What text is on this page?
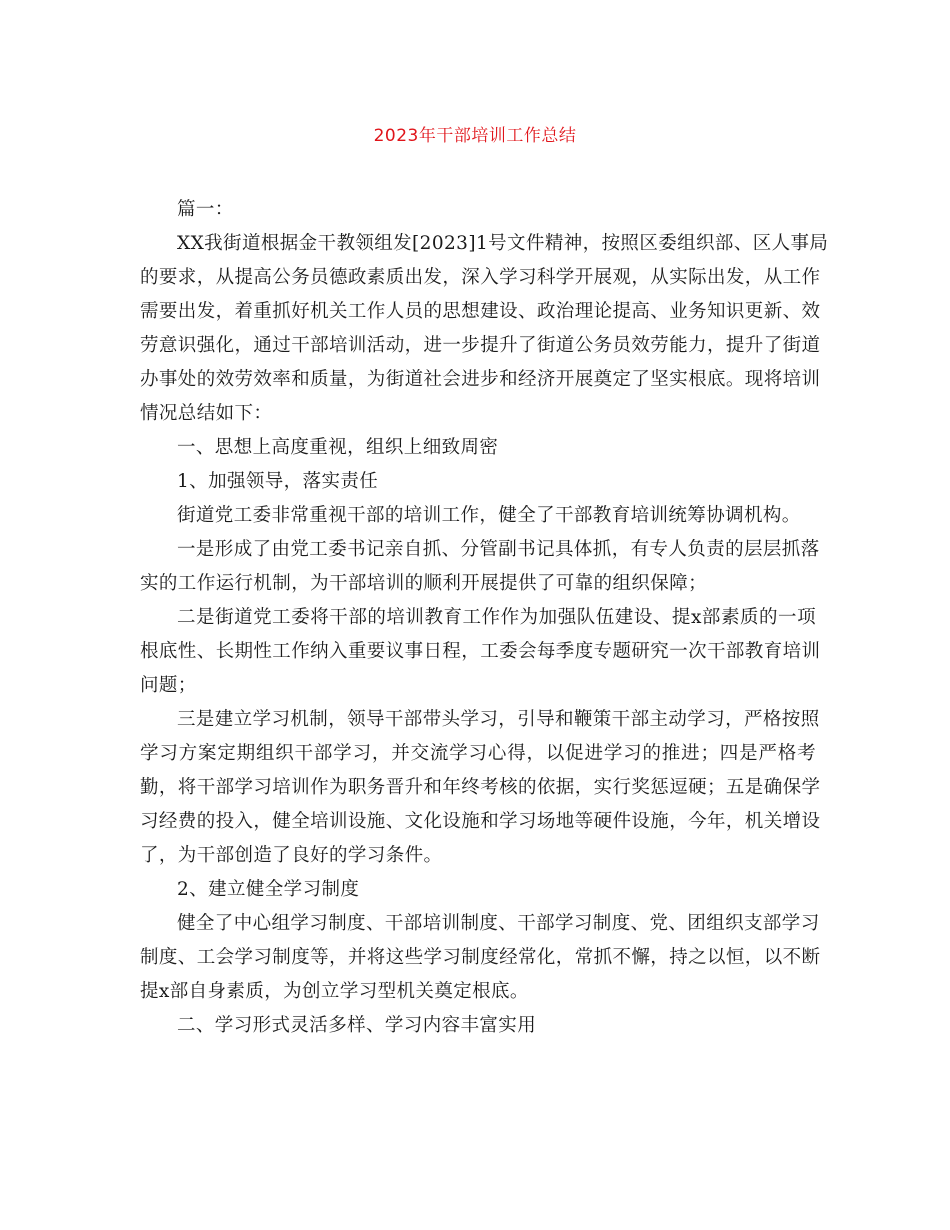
2023年干部培训工作总结
篇一：
XX我街道根据金干教领组发[2023]1号文件精神，按照区委组织部、区人事局
的要求，从提高公务员德政素质出发，深入学习科学开展观，从实际出发，从工作
需要出发，着重抓好机关工作人员的思想建设、政治理论提高、业务知识更新、效
劳意识强化，通过干部培训活动，进一步提升了街道公务员效劳能力，提升了街道
办事处的效劳效率和质量，为街道社会进步和经济开展奠定了坚实根底。现将培训
情况总结如下：
一、思想上高度重视，组织上细致周密
1、加强领导，落实责任
街道党工委非常重视干部的培训工作，健全了干部教育培训统筹协调机构。
一是形成了由党工委书记亲自抓、分管副书记具体抓，有专人负责的层层抓落
实的工作运行机制，为干部培训的顺利开展提供了可靠的组织保障；
二是街道党工委将干部的培训教育工作作为加强队伍建设、提x部素质的一项
根底性、长期性工作纳入重要议事日程，工委会每季度专题研究一次干部教育培训
问题；
三是建立学习机制，领导干部带头学习，引导和鞭策干部主动学习，严格按照
学习方案定期组织干部学习，并交流学习心得，以促进学习的推进；四是严格考
勤，将干部学习培训作为职务晋升和年终考核的依据，实行奖惩逗硬；五是确保学
习经费的投入，健全培训设施、文化设施和学习场地等硬件设施，今年，机关增设
了，为干部创造了良好的学习条件。
2、建立健全学习制度
健全了中心组学习制度、干部培训制度、干部学习制度、党、团组织支部学习
制度、工会学习制度等，并将这些学习制度经常化，常抓不懈，持之以恒，以不断
提x部自身素质，为创立学习型机关奠定根底。
二、学习形式灵活多样、学习内容丰富实用
